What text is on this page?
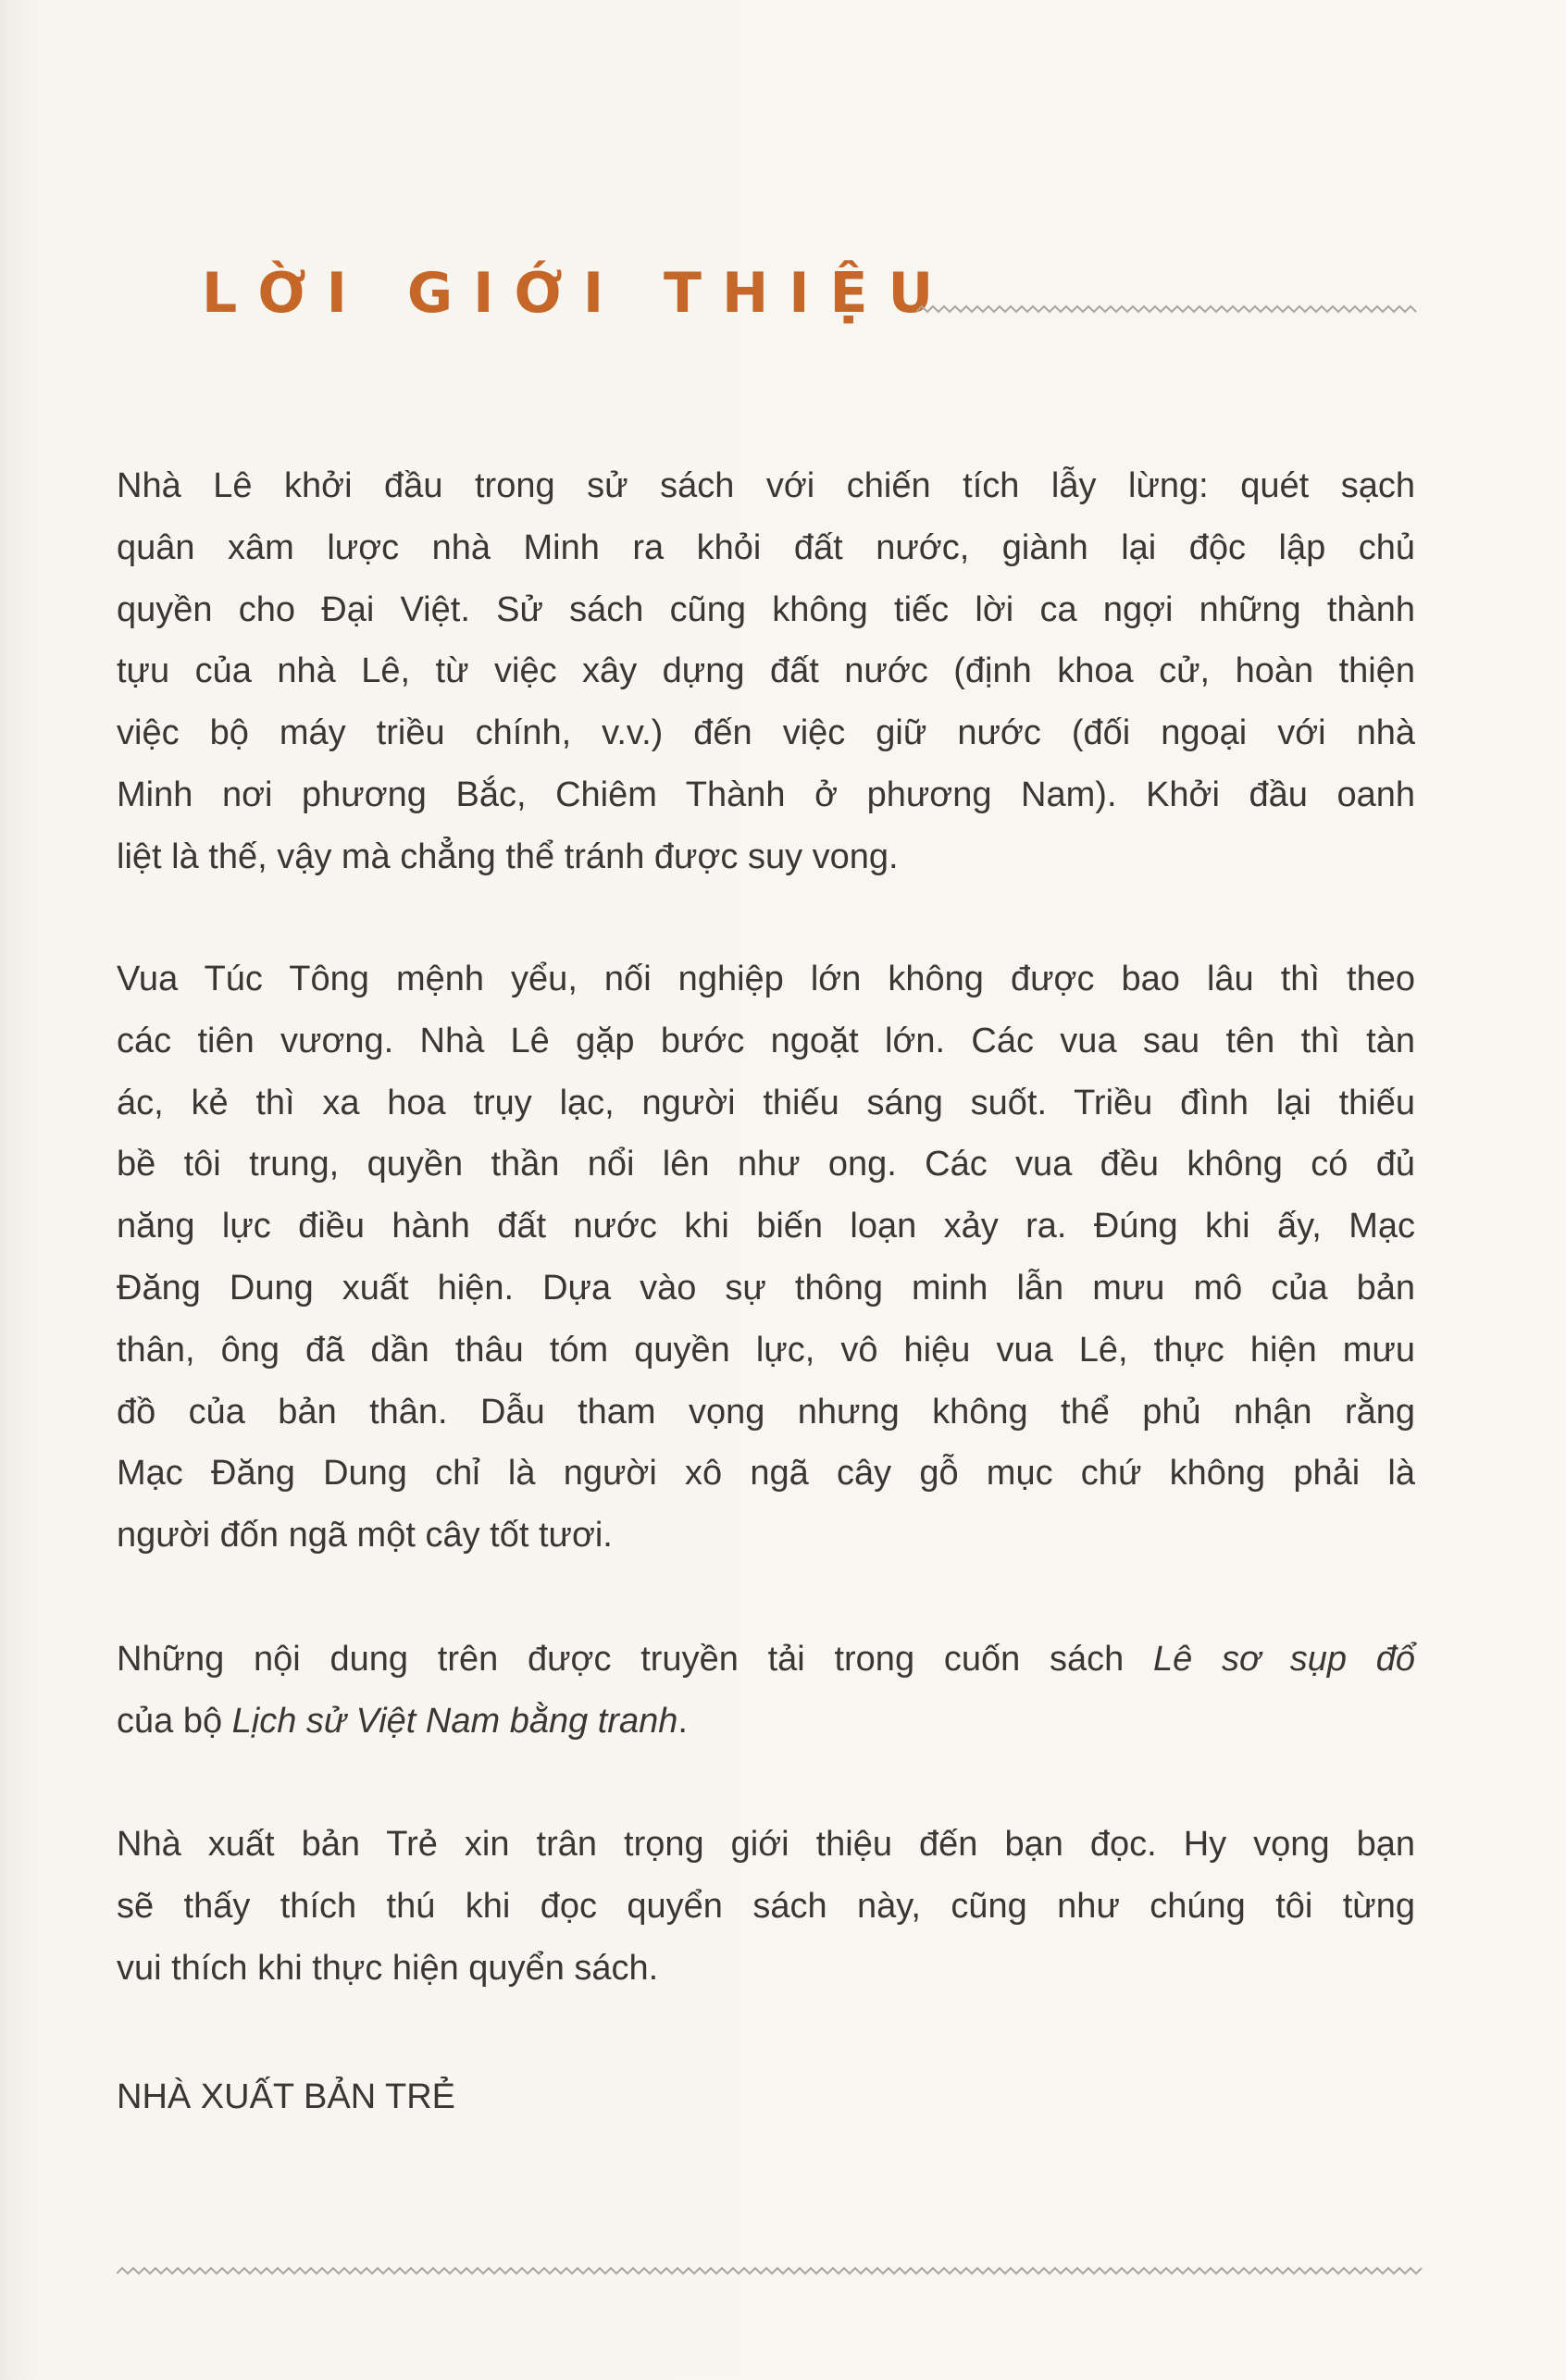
LỜI GIỚI THIỆU
Nhà Lê khởi đầu trong sử sách với chiến tích lẫy lừng: quét sạch
quân xâm lược nhà Minh ra khỏi đất nước, giành lại độc lập chủ
quyền cho Đại Việt. Sử sách cũng không tiếc lời ca ngợi những thành
tựu của nhà Lê, từ việc xây dựng đất nước (định khoa cử, hoàn thiện
việc bộ máy triều chính, v.v.) đến việc giữ nước (đối ngoại với nhà
Minh nơi phương Bắc, Chiêm Thành ở phương Nam). Khởi đầu oanh
liệt là thế, vậy mà chẳng thể tránh được suy vong.
Vua Túc Tông mệnh yểu, nối nghiệp lớn không được bao lâu thì theo
các tiên vương. Nhà Lê gặp bước ngoặt lớn. Các vua sau tên thì tàn
ác, kẻ thì xa hoa trụy lạc, người thiếu sáng suốt. Triều đình lại thiếu
bề tôi trung, quyền thần nổi lên như ong. Các vua đều không có đủ
năng lực điều hành đất nước khi biến loạn xảy ra. Đúng khi ấy, Mạc
Đăng Dung xuất hiện. Dựa vào sự thông minh lẫn mưu mô của bản
thân, ông đã dần thâu tóm quyền lực, vô hiệu vua Lê, thực hiện mưu
đồ của bản thân. Dẫu tham vọng nhưng không thể phủ nhận rằng
Mạc Đăng Dung chỉ là người xô ngã cây gỗ mục chứ không phải là
người đốn ngã một cây tốt tươi.
Những nội dung trên được truyền tải trong cuốn sách Lê sơ sụp đổ
của bộ Lịch sử Việt Nam bằng tranh.
Nhà xuất bản Trẻ xin trân trọng giới thiệu đến bạn đọc. Hy vọng bạn
sẽ thấy thích thú khi đọc quyển sách này, cũng như chúng tôi từng
vui thích khi thực hiện quyển sách.
NHÀ XUẤT BẢN TRẺ
